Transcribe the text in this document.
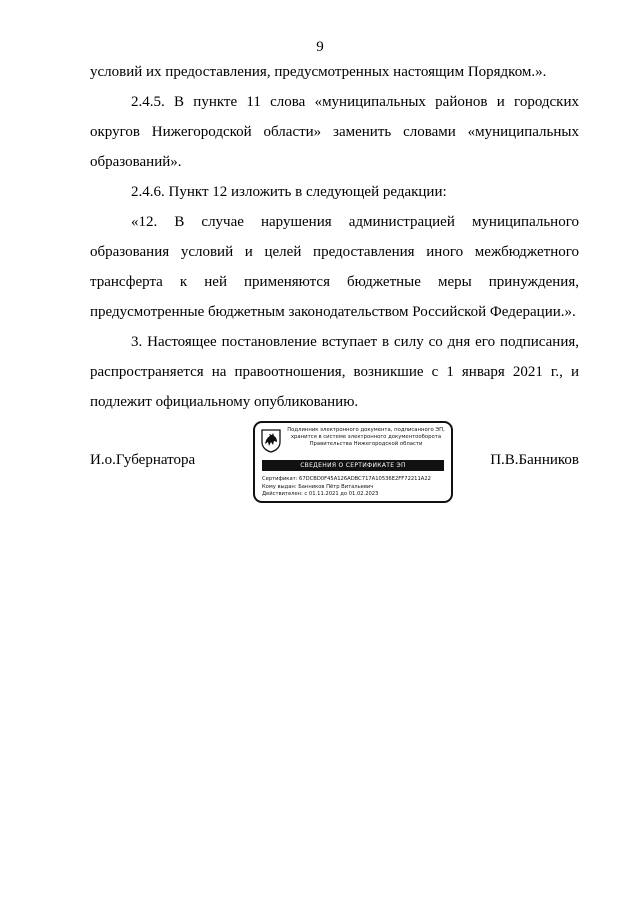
9

условий их предоставления, предусмотренных настоящим Порядком.».

2.4.5. В пункте 11 слова «муниципальных районов и городских округов Нижегородской области» заменить словами «муниципальных образований».

2.4.6. Пункт 12 изложить в следующей редакции:

«12. В случае нарушения администрацией муниципального образования условий и целей предоставления иного межбюджетного трансферта к ней применяются бюджетные меры принуждения, предусмотренные бюджетным законодательством Российской Федерации.».

3. Настоящее постановление вступает в силу со дня его подписания, распространяется на правоотношения, возникшие с 1 января 2021 г., и подлежит официальному опубликованию.

И.о.Губернатора
Подлинник электронного документа, подписанного ЭП,
хранится в системе электронного документооборота
Правительства Нижегородской области
СВЕДЕНИЯ О СЕРТИФИКАТЕ ЭП
Сертификат: 67DCBD0F45A126ADBC717A10536E2FF72211A22
Кому выдан: Банников Пётр Витальевич
Действителен: с 01.11.2021 до 01.02.2023
П.В.Банников
